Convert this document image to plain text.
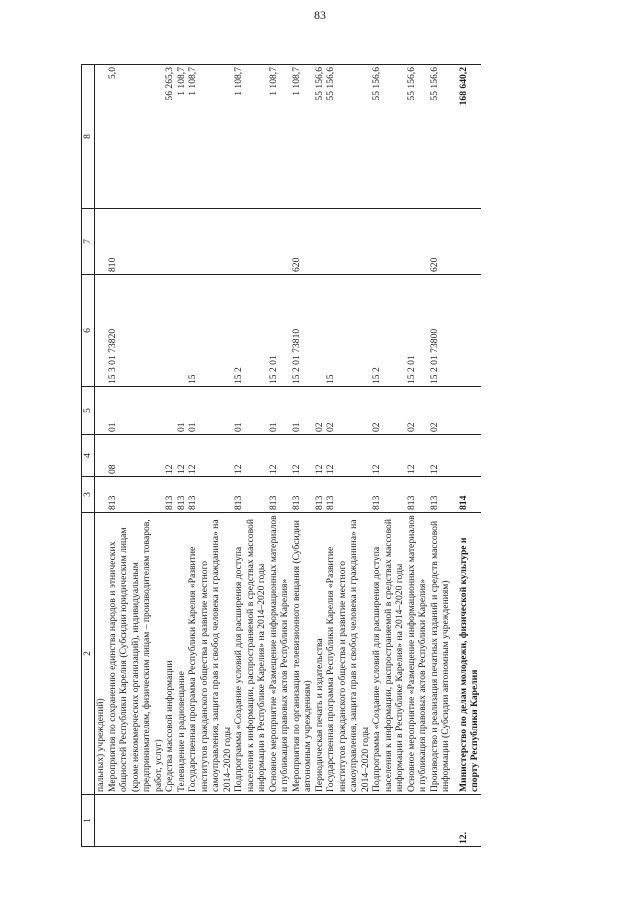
83
1	2	3	4	5	6	7	8
	пальных) учреждений)						
	Мероприятия по сохранению единства народов и этнических общностей Республики Карелия (Субсидии юридическим лицам (кроме некоммерческих организаций), индивидуальным предпринимателям, физическим лицам – производителям товаров, работ, услуг)	813	08	01	15 3 01 73820	810	5,0
	Средства массовой информации	813	12				56 265,3
	Телевидение и радиовещание	813	12	01			1 108,7
	Государственная программа Республики Карелия «Развитие институтов гражданского общества и развитие местного самоуправления, защита прав и свобод человека и гражданина» на 2014–2020 годы	813	12	01	15		1 108,7
	Подпрограмма «Создание условий для расширения доступа населения к информации, распространяемой в средствах массовой информации в Республике Карелия» на 2014–2020 годы	813	12	01	15 2		1 108,7
	Основное мероприятие «Размещение информационных материалов и публикация правовых актов Республики Карелия»	813	12	01	15 2 01		1 108,7
	Мероприятия по организации телевизионного вещания (Субсидии автономным учреждениям)	813	12	01	15 2 01 73810	620	1 108,7
	Периодическая печать и издательства	813	12	02			55 156,6
	Государственная программа Республики Карелия «Развитие институтов гражданского общества и развитие местного самоуправления, защита прав и свобод человека и гражданина» на 2014–2020 годы	813	12	02	15		55 156,6
	Подпрограмма «Создание условий для расширения доступа населения к информации, распространяемой в средствах массовой информации в Республике Карелия» на 2014–2020 годы	813	12	02	15 2		55 156,6
	Основное мероприятие «Размещение информационных материалов и публикация правовых актов Республики Карелия»	813	12	02	15 2 01		55 156,6
	Производство и реализация печатных изданий и средств массовой информации (Субсидии автономным учреждениям)	813	12	02	15 2 01 73800	620	55 156,6
12.	Министерство по делам молодежи, физической культуре и спорту Республики Карелия	814					168 640,2
